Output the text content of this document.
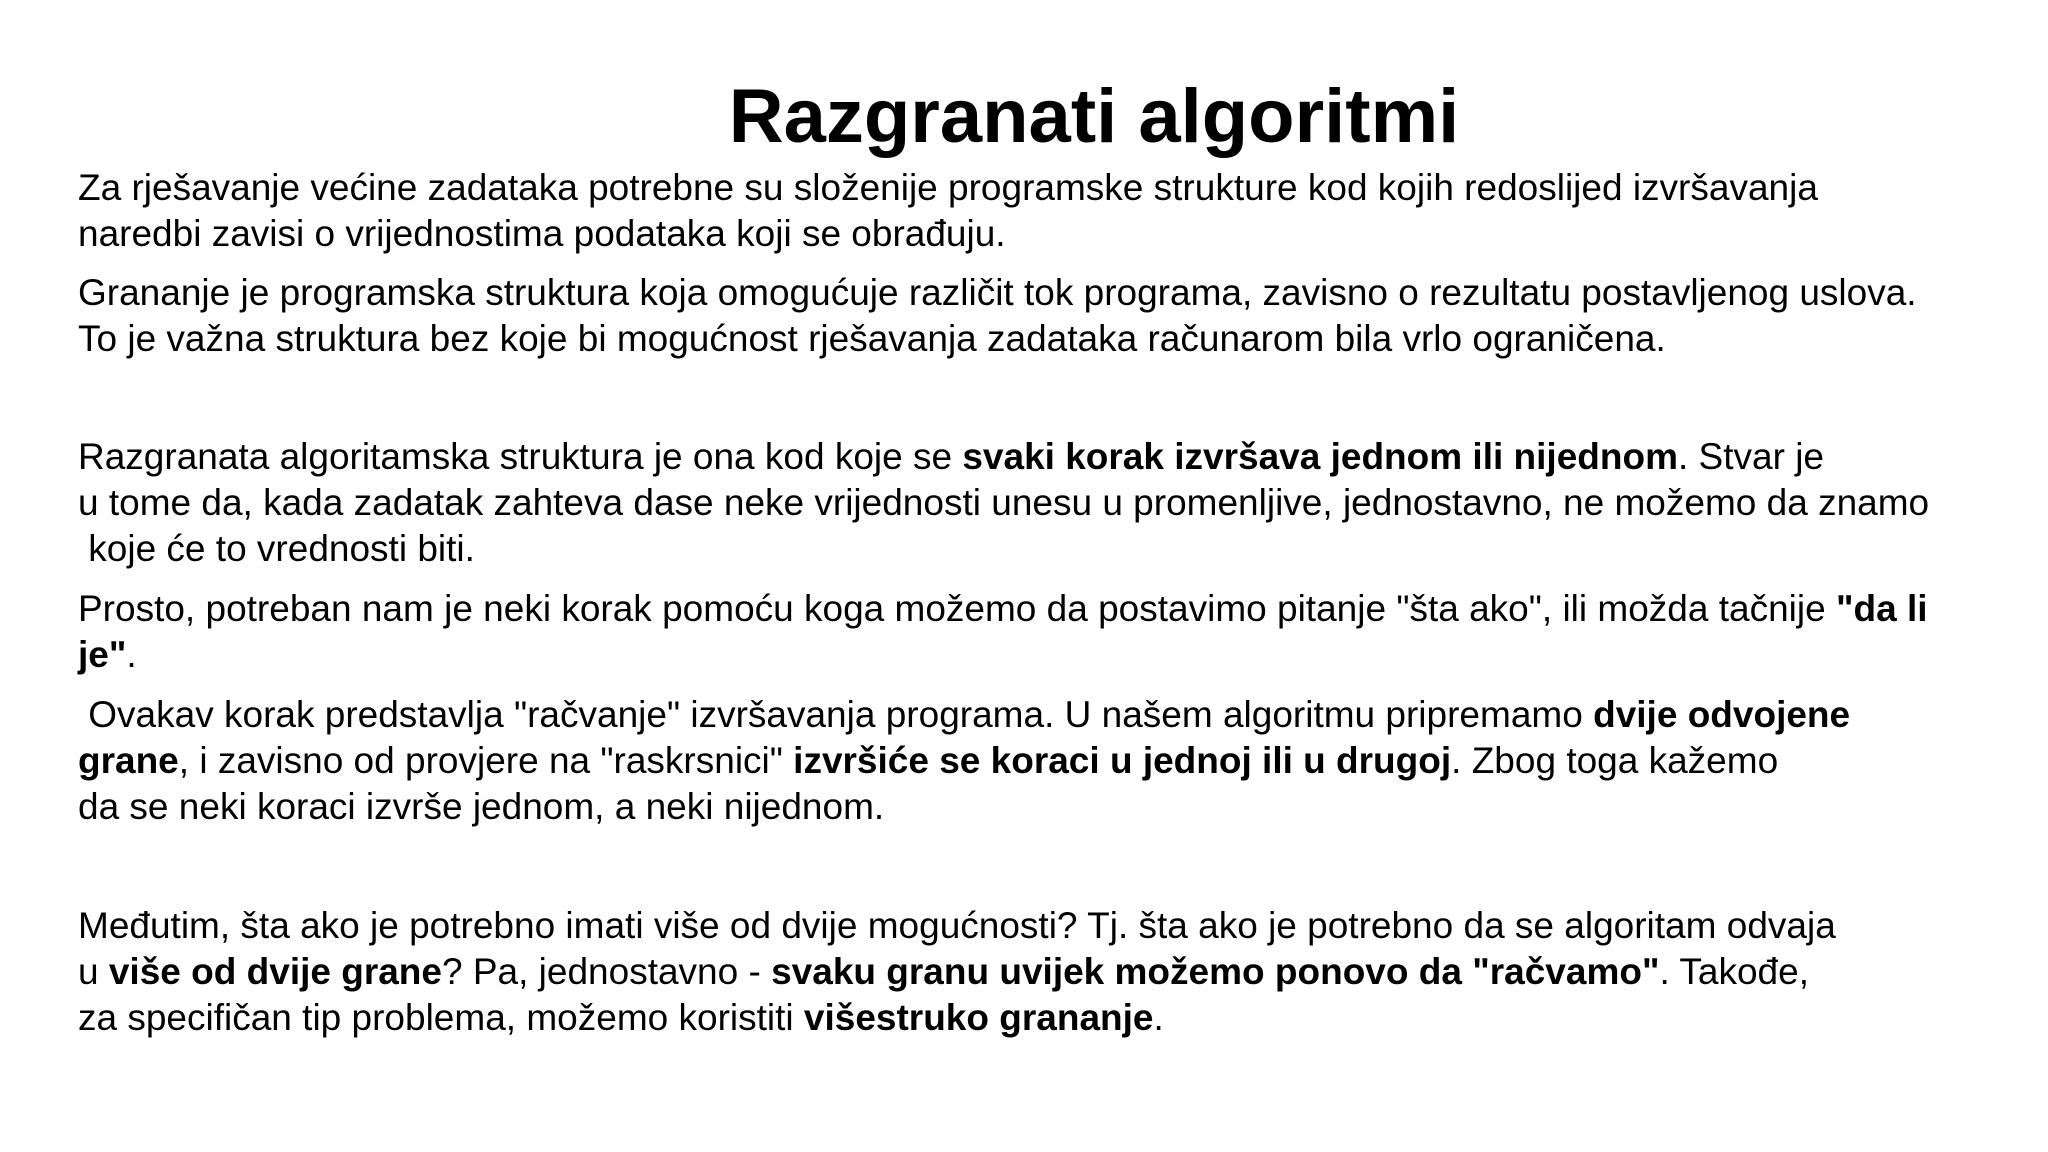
Razgranati algoritmi
Za rješavanje većine zadataka potrebne su složenije programske strukture kod kojih redoslijed izvršavanja
naredbi zavisi o vrijednostima podataka koji se obrađuju.
Grananje je programska struktura koja omogućuje različit tok programa, zavisno o rezultatu postavljenog uslova.
To je važna struktura bez koje bi mogućnost rješavanja zadataka računarom bila vrlo ograničena.
Razgranata algoritamska struktura je ona kod koje se svaki korak izvršava jednom ili nijednom. Stvar je
u tome da, kada zadatak zahteva dase neke vrijednosti unesu u promenljive, jednostavno, ne možemo da znamo
koje će to vrednosti biti.
Prosto, potreban nam je neki korak pomoću koga možemo da postavimo pitanje "šta ako", ili možda tačnije "da li
je".
Ovakav korak predstavlja "račvanje" izvršavanja programa. U našem algoritmu pripremamo dvije odvojene
grane, i zavisno od provjere na "raskrsnici" izvršiće se koraci u jednoj ili u drugoj. Zbog toga kažemo
da se neki koraci izvrše jednom, a neki nijednom.
Međutim, šta ako je potrebno imati više od dvije mogućnosti? Tj. šta ako je potrebno da se algoritam odvaja
u više od dvije grane? Pa, jednostavno - svaku granu uvijek možemo ponovo da "račvamo". Takođe,
za specifičan tip problema, možemo koristiti višestruko grananje.
